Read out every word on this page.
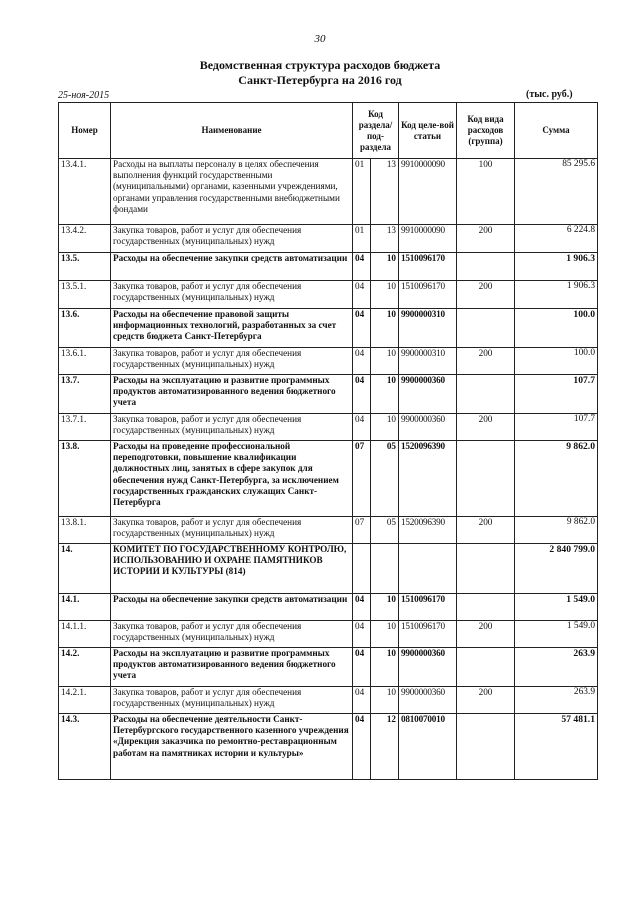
30
Ведомственная структура расходов бюджета
Санкт-Петербурга на 2016 год
25-ноя-2015	(тыс. руб.)
Номер	Наименование	Код раздела/ под-раздела		Код целе-вой статьи	Код вида расходов (группа)	Сумма
13.4.1.	Расходы на выплаты персоналу в целях обеспечения выполнения функций государственными (муниципальными) органами, казенными учреждениями, органами управления государственными внебюджетными фондами	01	13	9910000090	100	85 295.6
13.4.2.	Закупка товаров, работ и услуг для обеспечения государственных (муниципальных) нужд	01	13	9910000090	200	6 224.8
13.5.	Расходы на обеспечение закупки средств автоматизации	04	10	1510096170		1 906.3
13.5.1.	Закупка товаров, работ и услуг для обеспечения государственных (муниципальных) нужд	04	10	1510096170	200	1 906.3
13.6.	Расходы на обеспечение правовой защиты информационных технологий, разработанных за счет средств бюджета Санкт-Петербурга	04	10	9900000310		100.0
13.6.1.	Закупка товаров, работ и услуг для обеспечения государственных (муниципальных) нужд	04	10	9900000310	200	100.0
13.7.	Расходы на эксплуатацию и развитие программных продуктов автоматизированного ведения бюджетного учета	04	10	9900000360		107.7
13.7.1.	Закупка товаров, работ и услуг для обеспечения государственных (муниципальных) нужд	04	10	9900000360	200	107.7
13.8.	Расходы на проведение профессиональной переподготовки, повышение квалификации должностных лиц, занятых в сфере закупок для обеспечения нужд Санкт-Петербурга, за исключением государственных гражданских служащих Санкт-Петербурга	07	05	1520096390		9 862.0
13.8.1.	Закупка товаров, работ и услуг для обеспечения государственных (муниципальных) нужд	07	05	1520096390	200	9 862.0
14.	КОМИТЕТ ПО ГОСУДАРСТВЕННОМУ КОНТРОЛЮ, ИСПОЛЬЗОВАНИЮ И ОХРАНЕ ПАМЯТНИКОВ ИСТОРИИ И КУЛЬТУРЫ (814)					2 840 799.0
14.1.	Расходы на обеспечение закупки средств автоматизации	04	10	1510096170		1 549.0
14.1.1.	Закупка товаров, работ и услуг для обеспечения государственных (муниципальных) нужд	04	10	1510096170	200	1 549.0
14.2.	Расходы на эксплуатацию и развитие программных продуктов автоматизированного ведения бюджетного учета	04	10	9900000360		263.9
14.2.1.	Закупка товаров, работ и услуг для обеспечения государственных (муниципальных) нужд	04	10	9900000360	200	263.9
14.3.	Расходы на обеспечение деятельности Санкт-Петербургского государственного казенного учреждения «Дирекция заказчика по ремонтно-реставрационным работам на памятниках истории и культуры»	04	12	0810070010		57 481.1
